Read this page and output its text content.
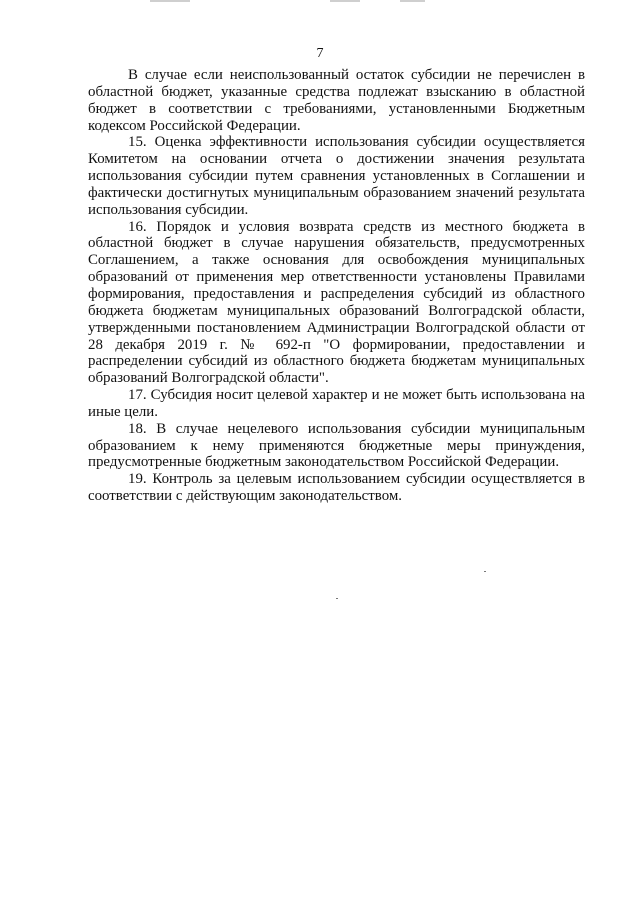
7

В случае если неиспользованный остаток субсидии не перечислен в областной бюджет, указанные средства подлежат взысканию в областной бюджет в соответствии с требованиями, установленными Бюджетным кодексом Российской Федерации.

15. Оценка эффективности использования субсидии осуществляется Комитетом на основании отчета о достижении значения результата использования субсидии путем сравнения установленных в Соглашении и фактически достигнутых муниципальным образованием значений результата использования субсидии.

16. Порядок и условия возврата средств из местного бюджета в областной бюджет в случае нарушения обязательств, предусмотренных Соглашением, а также основания для освобождения муниципальных образований от применения мер ответственности установлены Правилами формирования, предоставления и распределения субсидий из областного бюджета бюджетам муниципальных образований Волгоградской области, утвержденными постановлением Администрации Волгоградской области от 28 декабря 2019 г. № 692-п "О формировании, предоставлении и распределении субсидий из областного бюджета бюджетам муниципальных образований Волгоградской области".

17. Субсидия носит целевой характер и не может быть использована на иные цели.

18. В случае нецелевого использования субсидии муниципальным образованием к нему применяются бюджетные меры принуждения, предусмотренные бюджетным законодательством Российской Федерации.

19. Контроль за целевым использованием субсидии осуществляется в соответствии с действующим законодательством.
